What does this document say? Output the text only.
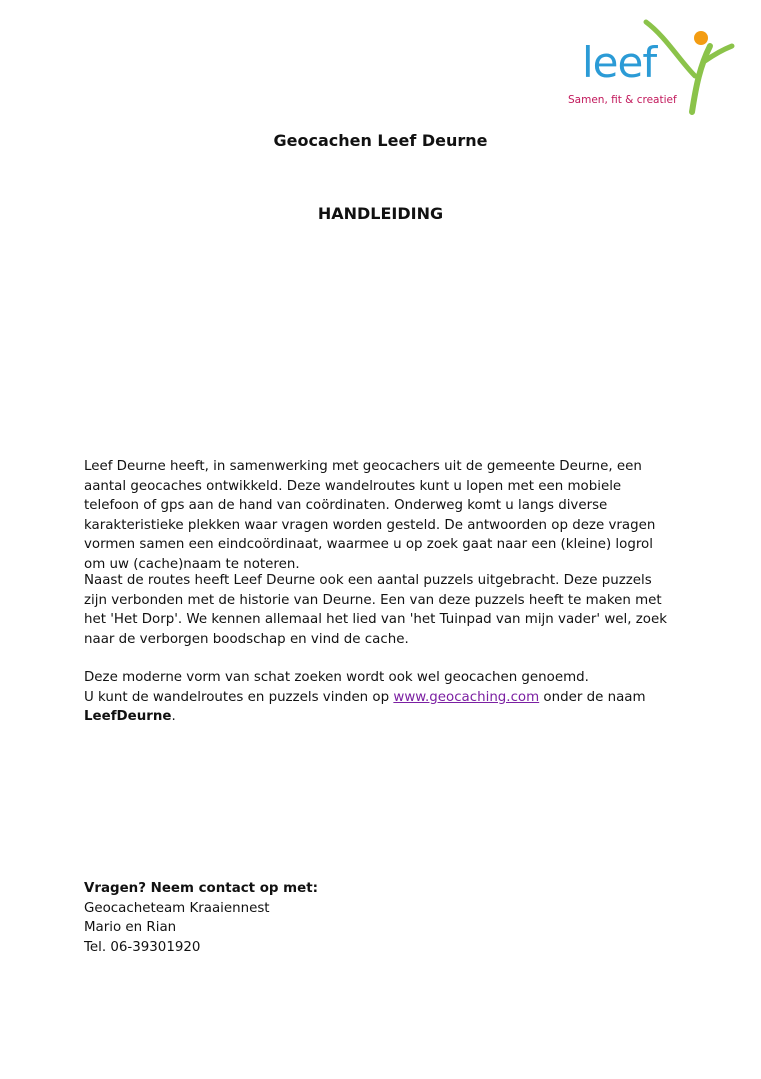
leef
Samen, fit & creatief
Geocachen Leef Deurne
HANDLEIDING

Leef Deurne heeft, in samenwerking met geocachers uit de gemeente Deurne, een aantal geocaches ontwikkeld. Deze wandelroutes kunt u lopen met een mobiele telefoon of gps aan de hand van coördinaten. Onderweg komt u langs diverse karakteristieke plekken waar vragen worden gesteld. De antwoorden op deze vragen vormen samen een eindcoördinaat, waarmee u op zoek gaat naar een (kleine) logrol om uw (cache)naam te noteren.

Naast de routes heeft Leef Deurne ook een aantal puzzels uitgebracht. Deze puzzels zijn verbonden met de historie van Deurne. Een van deze puzzels heeft te maken met het 'Het Dorp'. We kennen allemaal het lied van 'het Tuinpad van mijn vader' wel, zoek naar de verborgen boodschap en vind de cache.

Deze moderne vorm van schat zoeken wordt ook wel geocachen genoemd.
U kunt de wandelroutes en puzzels vinden op www.geocaching.com onder de naam
LeefDeurne.

Vragen? Neem contact op met:
Geocacheteam Kraaiennest
Mario en Rian
Tel. 06-39301920
